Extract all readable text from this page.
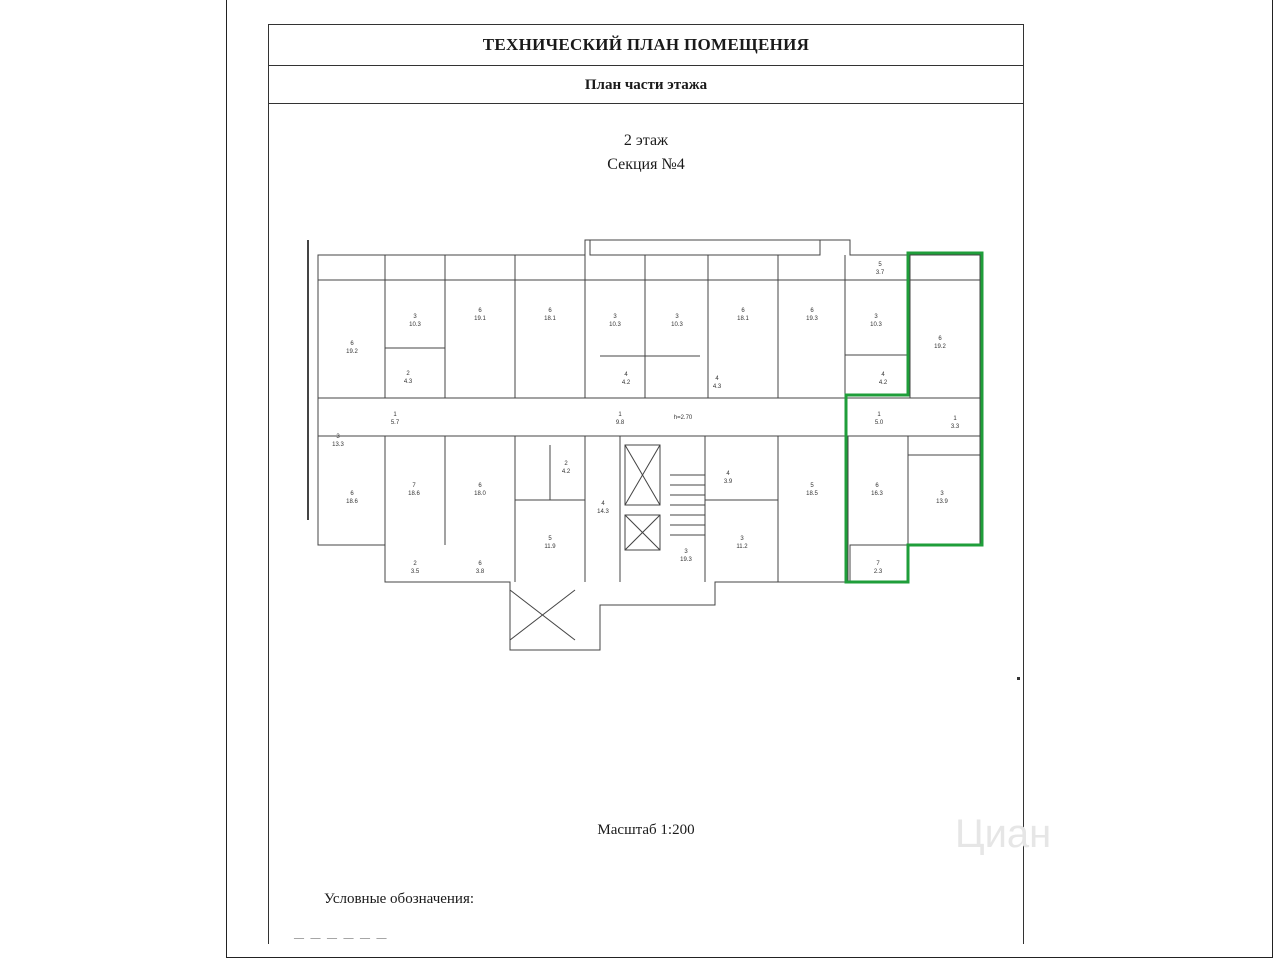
ТЕХНИЧЕСКИЙ ПЛАН ПОМЕЩЕНИЯ
План части этажа
2 этаж
Секция №4
Масштаб 1:200
Условные обозначения:
— — — — — —
6 19.2
3 10.3
2 4.3
6 19.1
6 18.1	3 10.3
3 10.3
6 18.1
6 19.3	3 10.3
6 19.2
5 3.7
4 4.2
4 4.3
4 4.2
1 5.7
1 5.0
1 9.8
6 18.6
3 13.3
7 18.6
6 18.0
5 11.9
4 14.3
5 18.5
6 16.3	3 13.9
2 4.2	4 3.9
3 11.2
3 19.3
1 3.3
2 3.5
6 3.8
7 2.3
h=2.70
Циан
